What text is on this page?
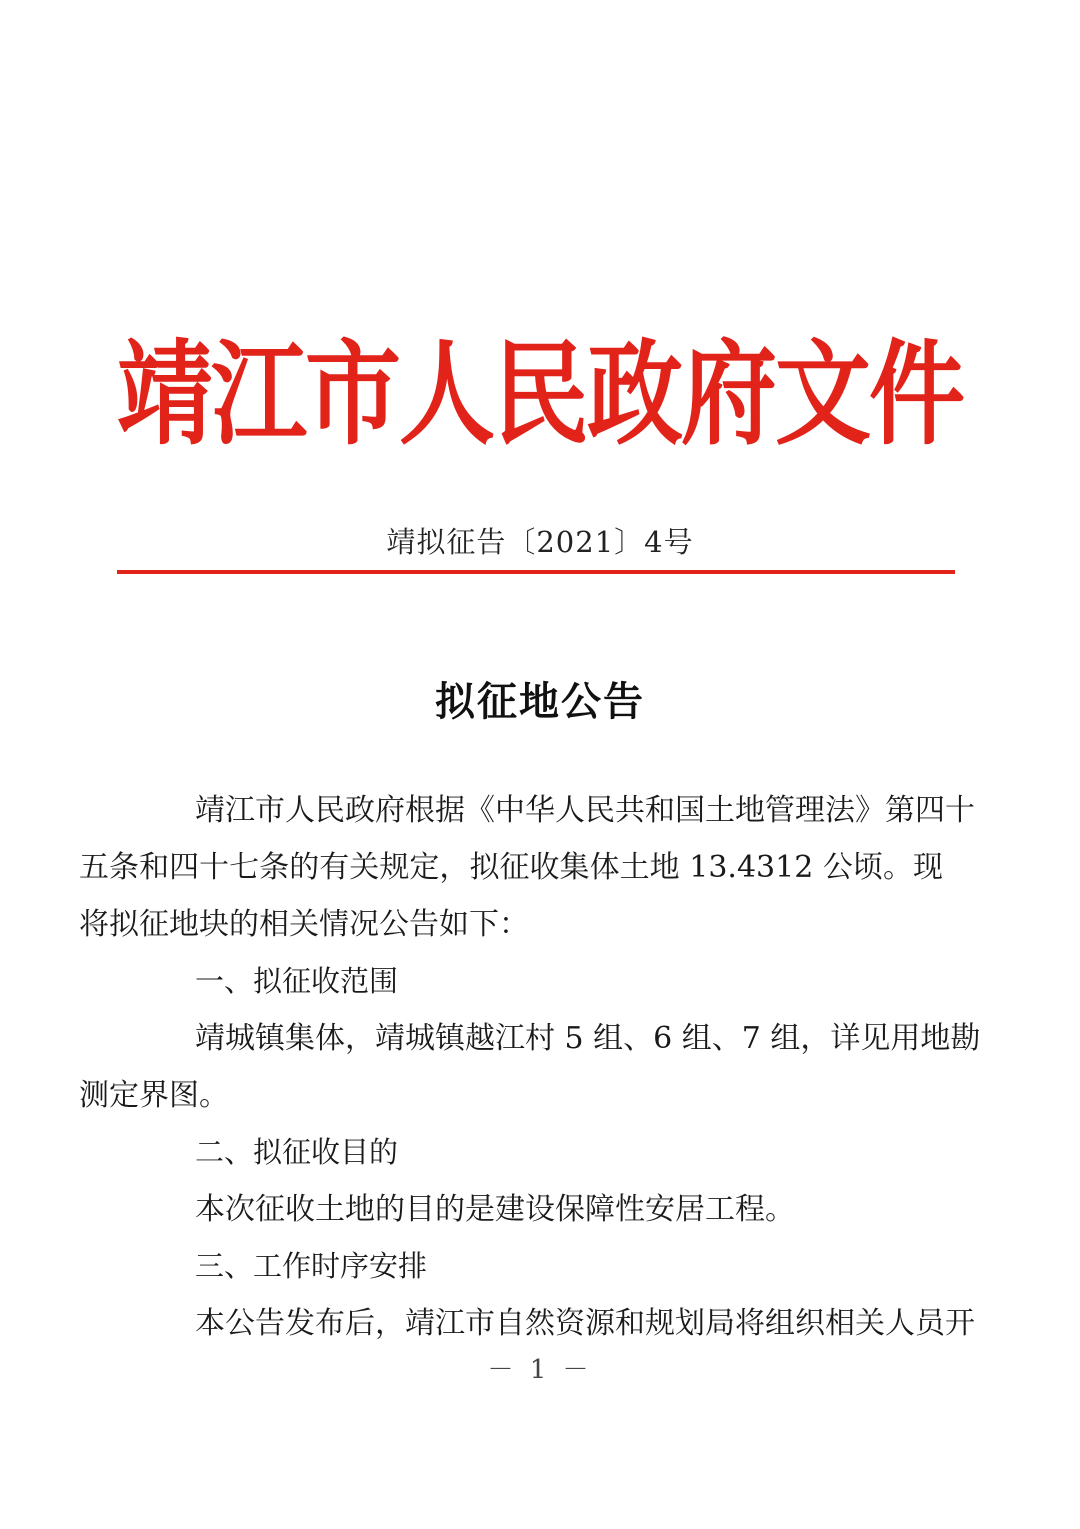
靖江市人民政府文件
靖拟征告〔2021〕4号
拟征地公告

靖江市人民政府根据《中华人民共和国土地管理法》第四十
五条和四十七条的有关规定，拟征收集体土地 13.4312 公顷。现
将拟征地块的相关情况公告如下：

一、拟征收范围

靖城镇集体，靖城镇越江村 5 组、6 组、7 组，详见用地勘
测定界图。

二、拟征收目的

本次征收土地的目的是建设保障性安居工程。

三、工作时序安排

本公告发布后，靖江市自然资源和规划局将组织相关人员开

－ 1 －
